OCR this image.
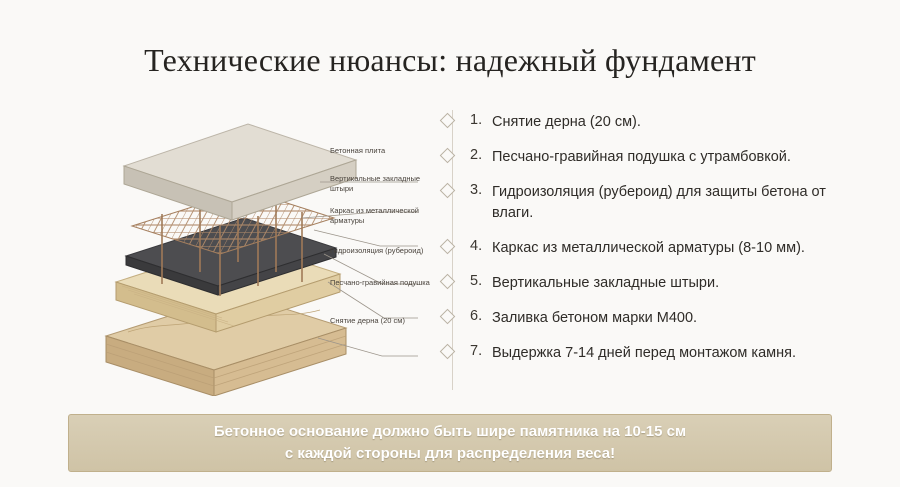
Технические нюансы: надежный фундамент
Бетонная плита
Вертикальные закладные штыри
Каркас из металлической арматуры
Гидроизоляция (рубероид)
Песчано-гравийная подушка
Снятие дерна (20 см)
1. Снятие дерна (20 см).
2. Песчано-гравийная подушка с утрамбовкой.
3. Гидроизоляция (рубероид) для защиты бетона от влаги.
4. Каркас из металлической арматуры (8-10 мм).
5. Вертикальные закладные штыри.
6. Заливка бетоном марки М400.
7. Выдержка 7-14 дней перед монтажом камня.
Бетонное основание должно быть шире памятника на 10-15 см
с каждой стороны для распределения веса!
